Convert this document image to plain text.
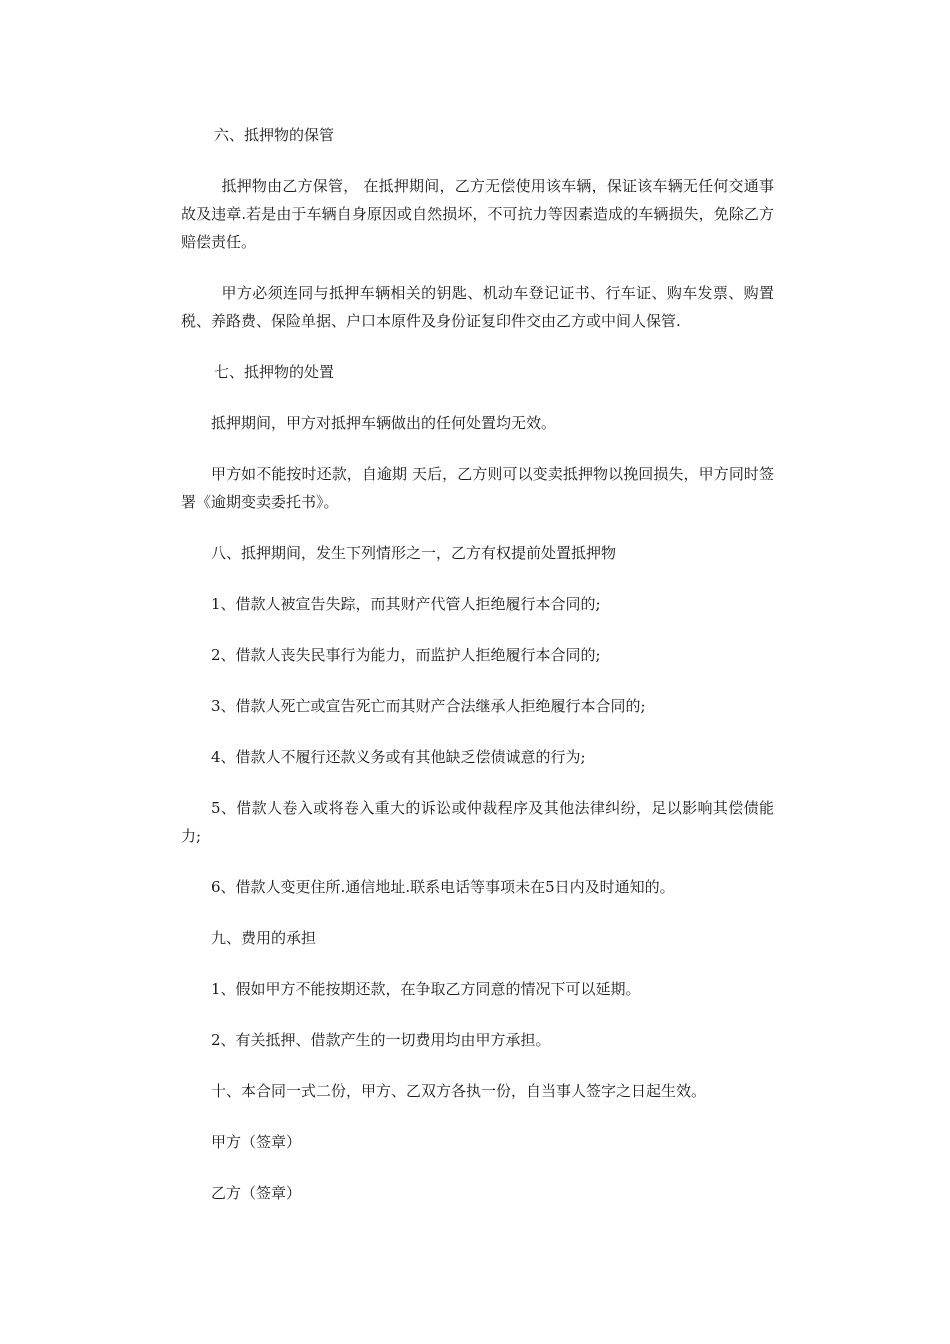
六、抵押物的保管

抵押物由乙方保管， 在抵押期间，乙方无偿使用该车辆，保证该车辆无任何交通事故及违章.若是由于车辆自身原因或自然损坏，不可抗力等因素造成的车辆损失，免除乙方赔偿责任。

甲方必须连同与抵押车辆相关的钥匙、机动车登记证书、行车证、购车发票、购置税、养路费、保险单据、户口本原件及身份证复印件交由乙方或中间人保管.

七、抵押物的处置

抵押期间，甲方对抵押车辆做出的任何处置均无效。

甲方如不能按时还款，自逾期 天后，乙方则可以变卖抵押物以挽回损失，甲方同时签署《逾期变卖委托书》。

八、抵押期间，发生下列情形之一，乙方有权提前处置抵押物

1、借款人被宣告失踪，而其财产代管人拒绝履行本合同的;

2、借款人丧失民事行为能力，而监护人拒绝履行本合同的;

3、借款人死亡或宣告死亡而其财产合法继承人拒绝履行本合同的;

4、借款人不履行还款义务或有其他缺乏偿债诚意的行为;

5、借款人卷入或将卷入重大的诉讼或仲裁程序及其他法律纠纷，足以影响其偿债能力;

6、借款人变更住所.通信地址.联系电话等事项未在5日内及时通知的。

九、费用的承担

1、假如甲方不能按期还款，在争取乙方同意的情况下可以延期。

2、有关抵押、借款产生的一切费用均由甲方承担。

十、本合同一式二份，甲方、乙双方各执一份，自当事人签字之日起生效。

甲方（签章）

乙方（签章）
